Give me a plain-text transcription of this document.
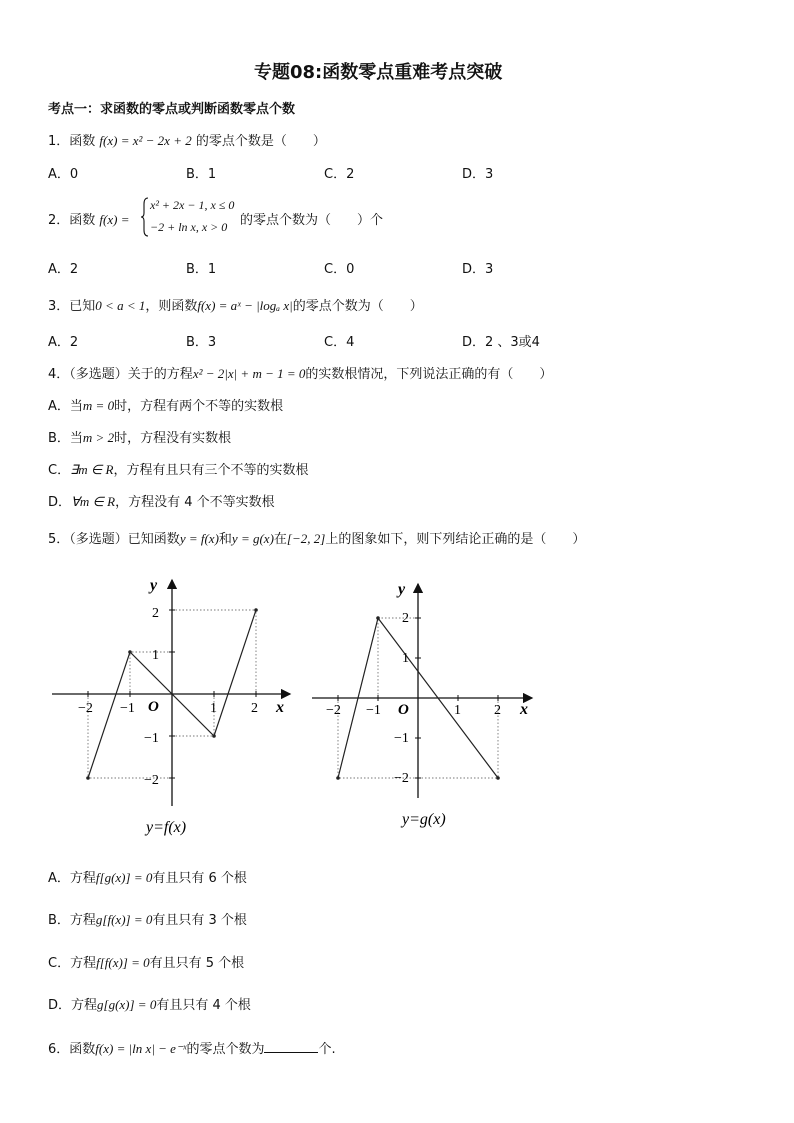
专题08:函数零点重难考点突破
考点一：求函数的零点或判断函数零点个数
1．函数 f(x) = x² − 2x + 2 的零点个数是（　　）
A．0	B．1	C．2	D．3
2．函数 f(x) =
x² + 2x − 1, x ≤ 0
−2 + ln x, x > 0 的零点个数为（　　）个
A．2	B．1	C．0	D．3
3．已知0 < a < 1，则函数f(x) = aˣ − |logₐ x|的零点个数为（　　）
A．2	B．3	C．4	D．2 、3或4
4．（多选题）关于的方程x² − 2|x| + m − 1 = 0的实数根情况，下列说法正确的有（　　）
A．当m = 0时，方程有两个不等的实数根
B．当m > 2时，方程没有实数根
C．∃m ∈ R，方程有且只有三个不等的实数根
D．∀m ∈ R，方程没有 4 个不等实数根
5．（多选题）已知函数y = f(x)和y = g(x)在[−2, 2]上的图象如下，则下列结论正确的是（　　）
y
x
O
−2 −1	1 2
2
1
−1
−2
y=f(x)
y
x
O
−2 −1	1 2
2
1
−1
−2
y=g(x)
A．方程f[g(x)] = 0有且只有 6 个根
B．方程g[f(x)] = 0有且只有 3 个根
C．方程f[f(x)] = 0有且只有 5 个根
D．方程g[g(x)] = 0有且只有 4 个根
6．函数f(x) = |ln x| − e⁻ˣ的零点个数为	个.
